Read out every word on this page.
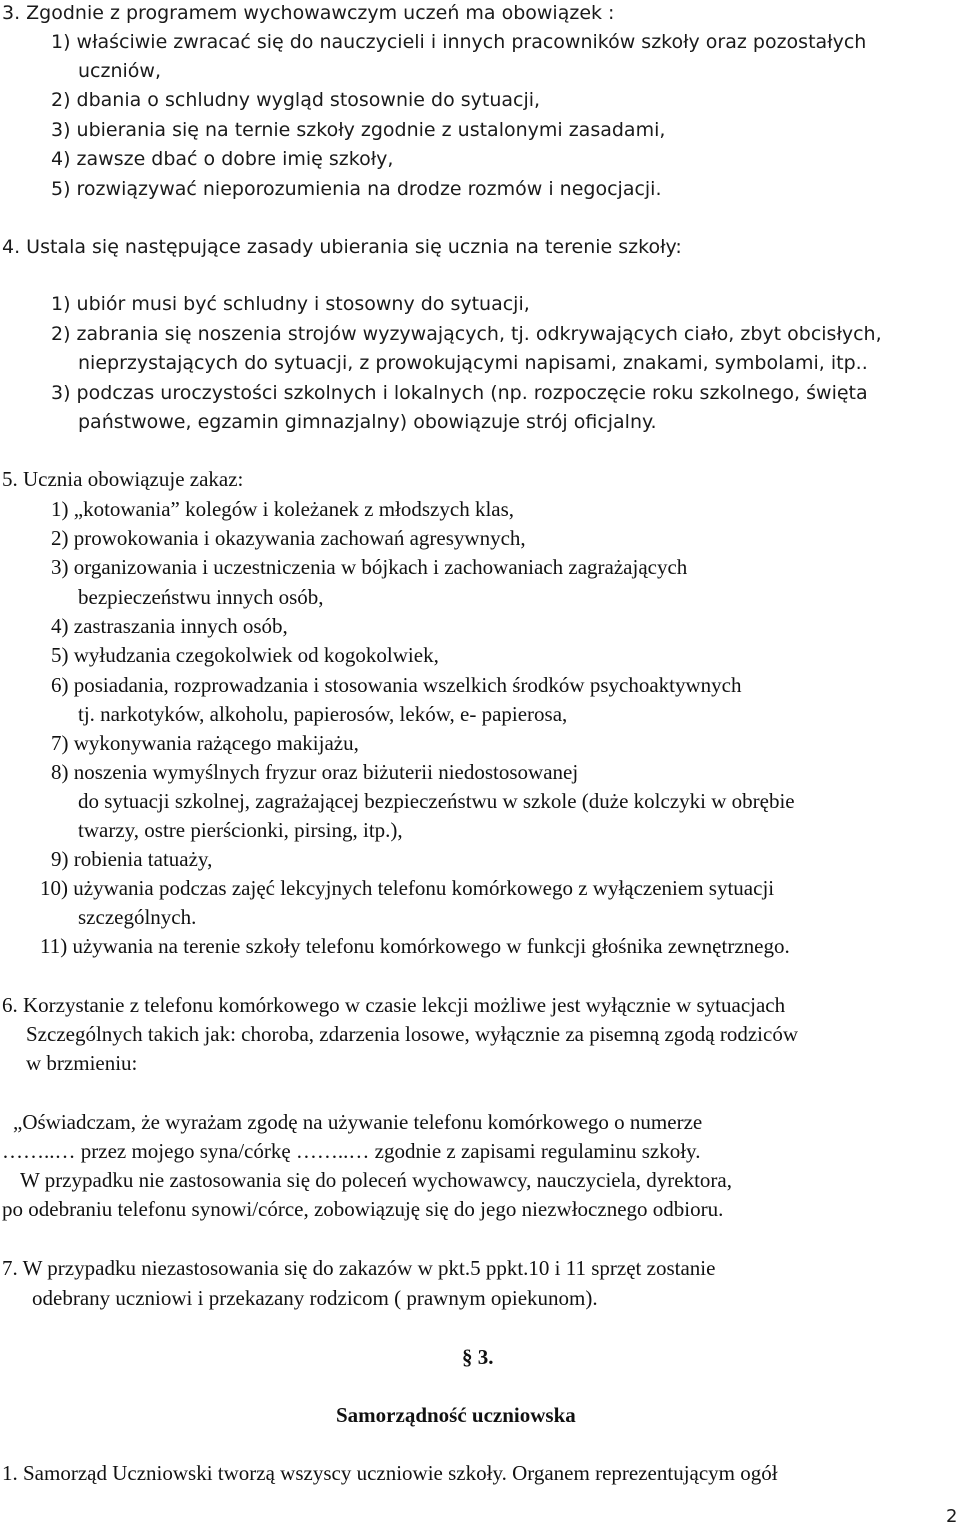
3. Zgodnie z programem wychowawczym uczeń ma obowiązek :
1) właściwie zwracać się do nauczycieli i innych pracowników szkoły oraz pozostałych
uczniów,
2) dbania o schludny wygląd stosownie do sytuacji,
3) ubierania się na ternie szkoły zgodnie z ustalonymi zasadami,
4) zawsze dbać o dobre imię szkoły,
5) rozwiązywać nieporozumienia na drodze rozmów i negocjacji.
4. Ustala się następujące zasady ubierania się ucznia na terenie szkoły:
1) ubiór musi być schludny i stosowny do sytuacji,
2) zabrania się noszenia strojów wyzywających, tj. odkrywających ciało, zbyt obcisłych,
nieprzystających do sytuacji, z prowokującymi napisami, znakami, symbolami, itp..
3) podczas uroczystości szkolnych i lokalnych (np. rozpoczęcie roku szkolnego, święta
państwowe, egzamin gimnazjalny) obowiązuje strój oficjalny.
5. Ucznia obowiązuje zakaz:
1) „kotowania” kolegów i koleżanek z młodszych klas,
2) prowokowania i okazywania zachowań agresywnych,
3) organizowania i uczestniczenia w bójkach i zachowaniach zagrażających
bezpieczeństwu innych osób,
4) zastraszania innych osób,
5) wyłudzania czegokolwiek od kogokolwiek,
6) posiadania, rozprowadzania i stosowania wszelkich środków psychoaktywnych
tj. narkotyków, alkoholu, papierosów, leków, e- papierosa,
7) wykonywania rażącego makijażu,
8) noszenia wymyślnych fryzur oraz biżuterii niedostosowanej
do sytuacji szkolnej, zagrażającej bezpieczeństwu w szkole (duże kolczyki w obrębie
twarzy, ostre pierścionki, pirsing, itp.),
9) robienia tatuaży,
10) używania podczas zajęć lekcyjnych telefonu komórkowego z wyłączeniem sytuacji
szczególnych.
11) używania na terenie szkoły telefonu komórkowego w funkcji głośnika zewnętrznego.
6. Korzystanie z telefonu komórkowego w czasie lekcji możliwe jest wyłącznie w sytuacjach
Szczególnych takich jak: choroba, zdarzenia losowe, wyłącznie za pisemną zgodą rodziców
w brzmieniu:
„Oświadczam, że wyrażam zgodę na używanie telefonu komórkowego o numerze
……..… przez mojego syna/córkę ……..… zgodnie z zapisami regulaminu szkoły.
W przypadku nie zastosowania się do poleceń wychowawcy, nauczyciela, dyrektora,
po odebraniu telefonu synowi/córce, zobowiązuję się do jego niezwłocznego odbioru.
7. W przypadku niezastosowania się do zakazów w pkt.5 ppkt.10 i 11 sprzęt zostanie
odebrany uczniowi i przekazany rodzicom ( prawnym opiekunom).
§ 3.
Samorządność uczniowska
1. Samorząd Uczniowski tworzą wszyscy uczniowie szkoły. Organem reprezentującym ogół
2
